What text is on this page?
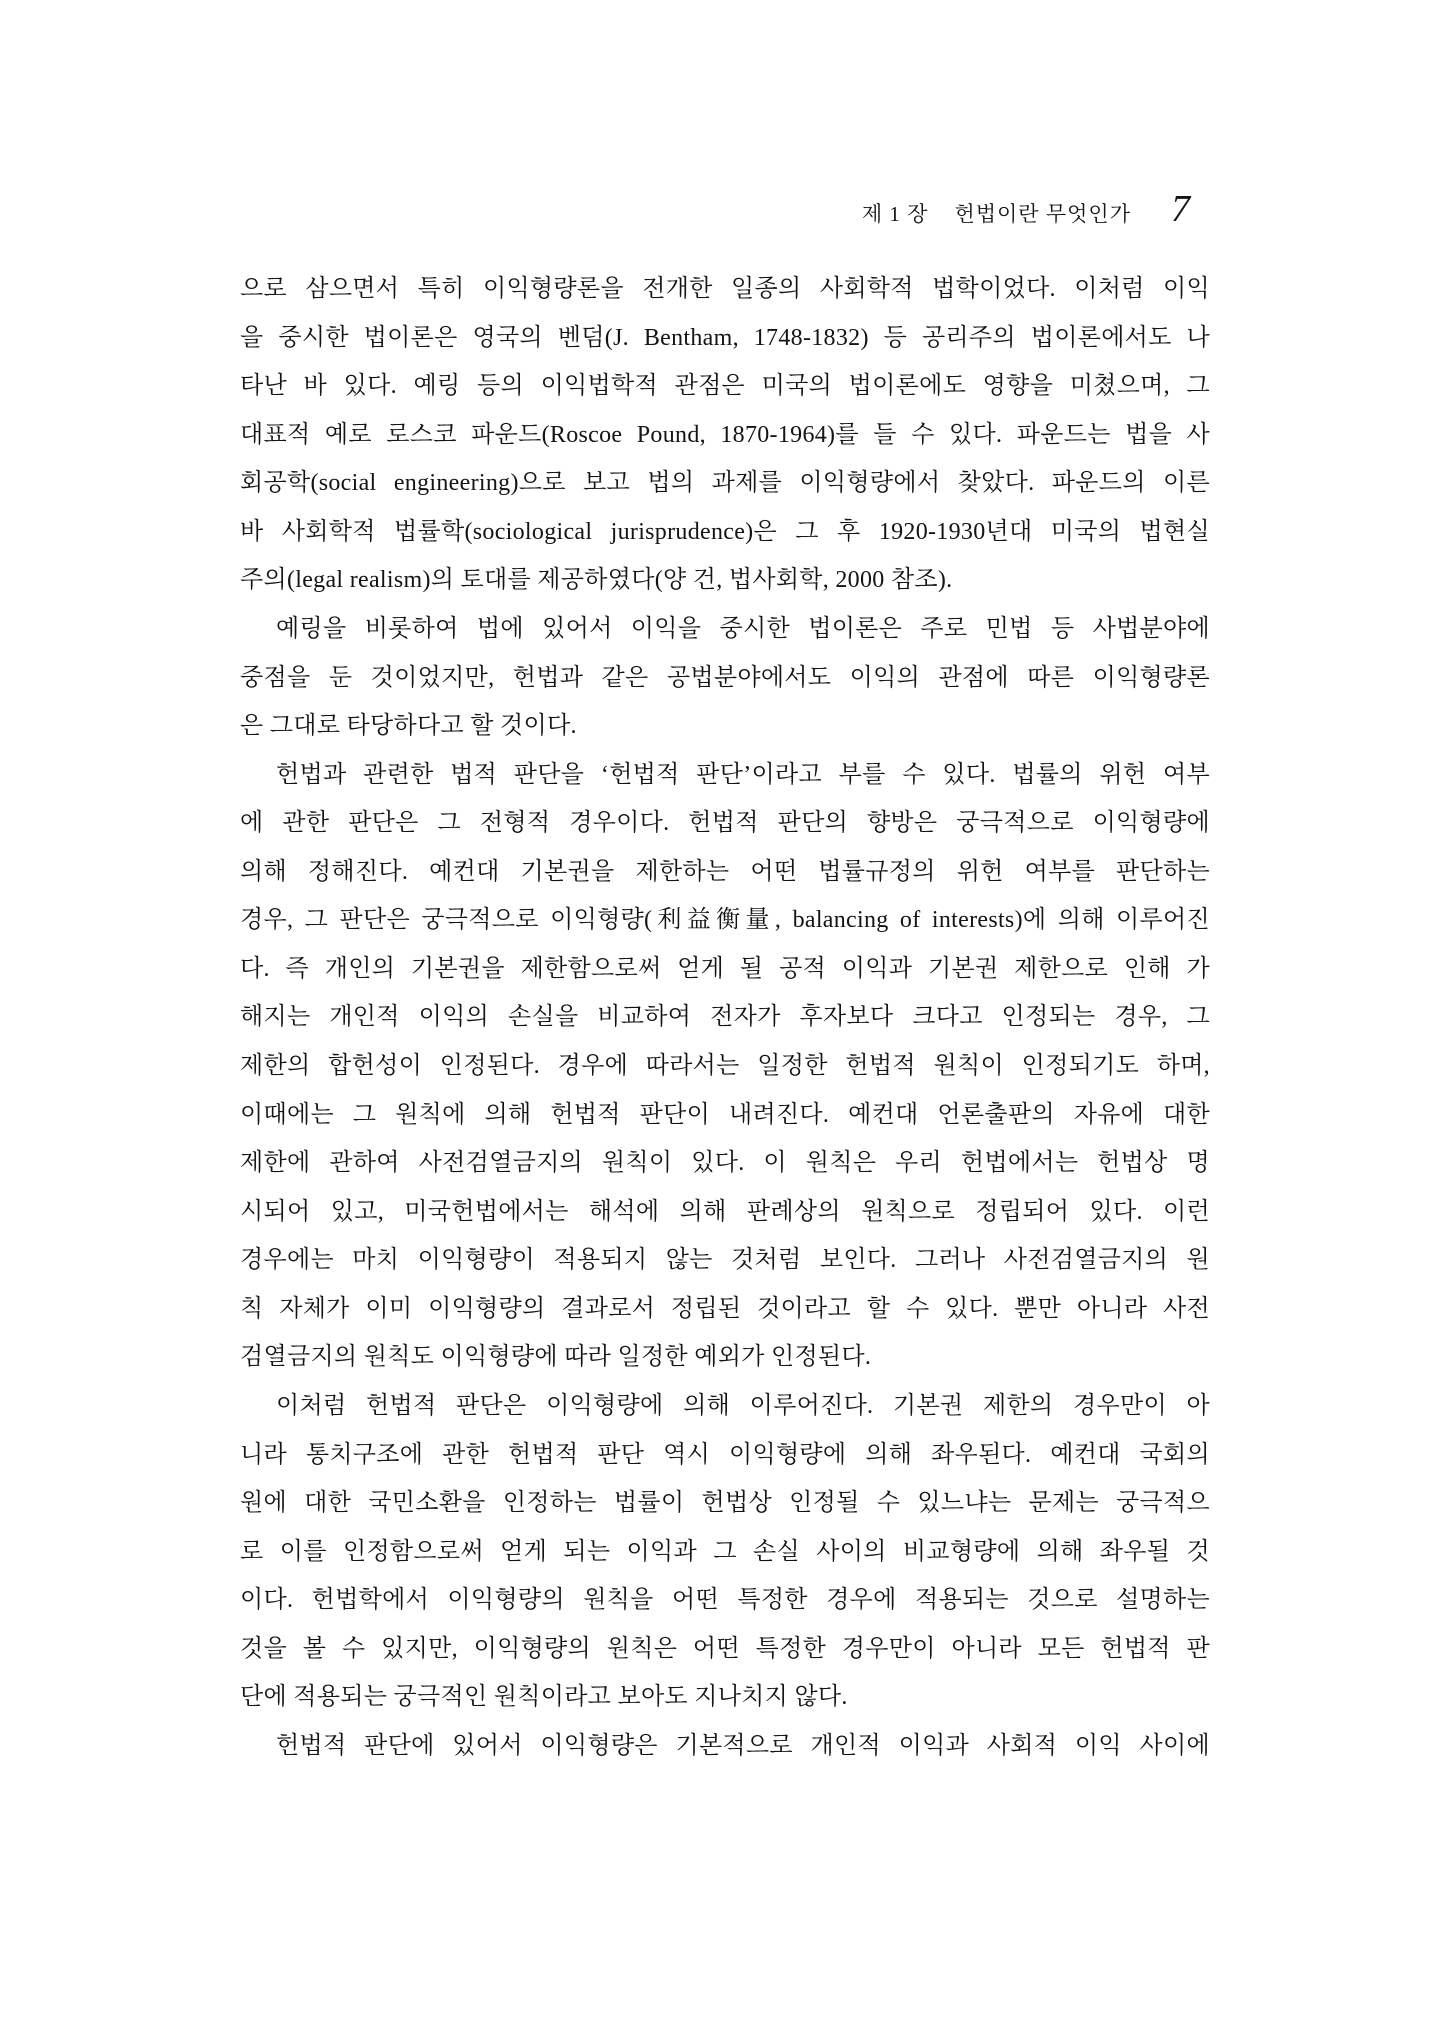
제 1 장 헌법이란 무엇인가 7
으로 삼으면서 특히 이익형량론을 전개한 일종의 사회학적 법학이었다. 이처럼 이익
을 중시한 법이론은 영국의 벤덤(J. Bentham, 1748-1832) 등 공리주의 법이론에서도 나
타난 바 있다. 예링 등의 이익법학적 관점은 미국의 법이론에도 영향을 미쳤으며, 그
대표적 예로 로스코 파운드(Roscoe Pound, 1870-1964)를 들 수 있다. 파운드는 법을 사
회공학(social engineering)으로 보고 법의 과제를 이익형량에서 찾았다. 파운드의 이른
바 사회학적 법률학(sociological jurisprudence)은 그 후 1920-1930년대 미국의 법현실
주의(legal realism)의 토대를 제공하였다(양 건, 법사회학, 2000 참조).
예링을 비롯하여 법에 있어서 이익을 중시한 법이론은 주로 민법 등 사법분야에
중점을 둔 것이었지만, 헌법과 같은 공법분야에서도 이익의 관점에 따른 이익형량론
은 그대로 타당하다고 할 것이다.
헌법과 관련한 법적 판단을 ‘헌법적 판단’이라고 부를 수 있다. 법률의 위헌 여부
에 관한 판단은 그 전형적 경우이다. 헌법적 판단의 향방은 궁극적으로 이익형량에
의해 정해진다. 예컨대 기본권을 제한하는 어떤 법률규정의 위헌 여부를 판단하는
경우, 그 판단은 궁극적으로 이익형량(利益衡量, balancing of interests)에 의해 이루어진
다. 즉 개인의 기본권을 제한함으로써 얻게 될 공적 이익과 기본권 제한으로 인해 가
해지는 개인적 이익의 손실을 비교하여 전자가 후자보다 크다고 인정되는 경우, 그
제한의 합헌성이 인정된다. 경우에 따라서는 일정한 헌법적 원칙이 인정되기도 하며,
이때에는 그 원칙에 의해 헌법적 판단이 내려진다. 예컨대 언론출판의 자유에 대한
제한에 관하여 사전검열금지의 원칙이 있다. 이 원칙은 우리 헌법에서는 헌법상 명
시되어 있고, 미국헌법에서는 해석에 의해 판례상의 원칙으로 정립되어 있다. 이런
경우에는 마치 이익형량이 적용되지 않는 것처럼 보인다. 그러나 사전검열금지의 원
칙 자체가 이미 이익형량의 결과로서 정립된 것이라고 할 수 있다. 뿐만 아니라 사전
검열금지의 원칙도 이익형량에 따라 일정한 예외가 인정된다.
이처럼 헌법적 판단은 이익형량에 의해 이루어진다. 기본권 제한의 경우만이 아
니라 통치구조에 관한 헌법적 판단 역시 이익형량에 의해 좌우된다. 예컨대 국회의
원에 대한 국민소환을 인정하는 법률이 헌법상 인정될 수 있느냐는 문제는 궁극적으
로 이를 인정함으로써 얻게 되는 이익과 그 손실 사이의 비교형량에 의해 좌우될 것
이다. 헌법학에서 이익형량의 원칙을 어떤 특정한 경우에 적용되는 것으로 설명하는
것을 볼 수 있지만, 이익형량의 원칙은 어떤 특정한 경우만이 아니라 모든 헌법적 판
단에 적용되는 궁극적인 원칙이라고 보아도 지나치지 않다.
헌법적 판단에 있어서 이익형량은 기본적으로 개인적 이익과 사회적 이익 사이에
